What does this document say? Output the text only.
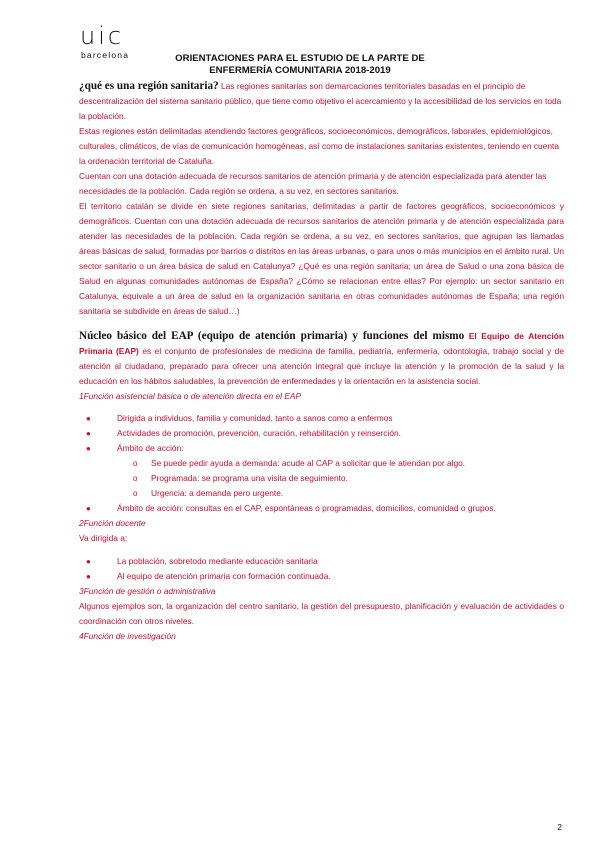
uic
barcelona	ORIENTACIONES PARA EL ESTUDIO DE LA PARTE DE
ENFERMERÍA COMUNITARIA 2018-2019

¿qué es una región sanitaria? Las regiones sanitarias son demarcaciones territoriales basadas en el principio de descentralización del sistema sanitario público, que tiene como objetivo el acercamiento y la accesibilidad de los servicios en toda la población.

Estas regiones están delimitadas atendiendo factores geográficos, socioeconómicos, demográficos, laborales, epidemiológicos, culturales, climáticos, de vías de comunicación homogéneas, así como de instalaciones sanitarias existentes, teniendo en cuenta la ordenación territorial de Cataluña.

Cuentan con una dotación adecuada de recursos sanitarios de atención primaria y de atención especializada para atender las necesidades de la población. Cada región se ordena, a su vez, en sectores sanitarios.

El territorio catalán se divide en siete regiones sanitarias, delimitadas a partir de factores geográficos, socioeconómicos y demográficos. Cuentan con una dotación adecuada de recursos sanitarios de atención primaria y de atención especializada para atender las necesidades de la población. Cada región se ordena, a su vez, en sectores sanitarios, que agrupan las llamadas áreas básicas de salud, formadas por barrios o distritos en las áreas urbanas, o para unos o más municipios en el ámbito rural. Un sector sanitario o un área básica de salud en Catalunya? ¿Qué es una región sanitaria; un área de Salud o una zona básica de Salud en algunas comunidades autónomas de España? ¿Cómo se relacionan entre ellas? Por ejemplo: un sector sanitario en Catalunya, equivale a un área de salud en la organización sanitaria en otras comunidades autónomas de España; una región sanitaria se subdivide en áreas de salud…)

Núcleo básico del EAP (equipo de atención primaria) y funciones del mismo El Equipo de Atención Primaria (EAP) es el conjunto de profesionales de medicina de familia, pediatría, enfermería, odontología, trabajo social y de atención al ciudadano, preparado para ofrecer una atención integral que incluye la atención y la promoción de la salud y la educación en los hábitos saludables, la prevención de enfermedades y la orientación en la asistencia social.

1Función asistencial básica o de atención directa en el EAP

●	Dirigida a individuos, familia y comunidad, tanto a sanos como a enfermos
●	Actividades de promoción, prevención, curación, rehabilitación y reinserción.
●	Ámbito de acción:
o Se puede pedir ayuda a demanda: acude al CAP a solicitar que le atiendan por algo.
o Programada: se programa una visita de seguimiento.
o Urgencia: a demanda pero urgente.
●	Ámbito de acción: consultas en el CAP, espontáneas o programadas, domicilios, comunidad o grupos.

2Función docente

Va dirigida a:

●	La población, sobretodo mediante educación sanitaria
●	Al equipo de atención primaria con formación continuada.

3Función de gestión o administrativa

Algunos ejemplos son, la organización del centro sanitario, la gestión del presupuesto, planificación y evaluación de actividades o coordinación con otros niveles.

4Función de investigación

2
